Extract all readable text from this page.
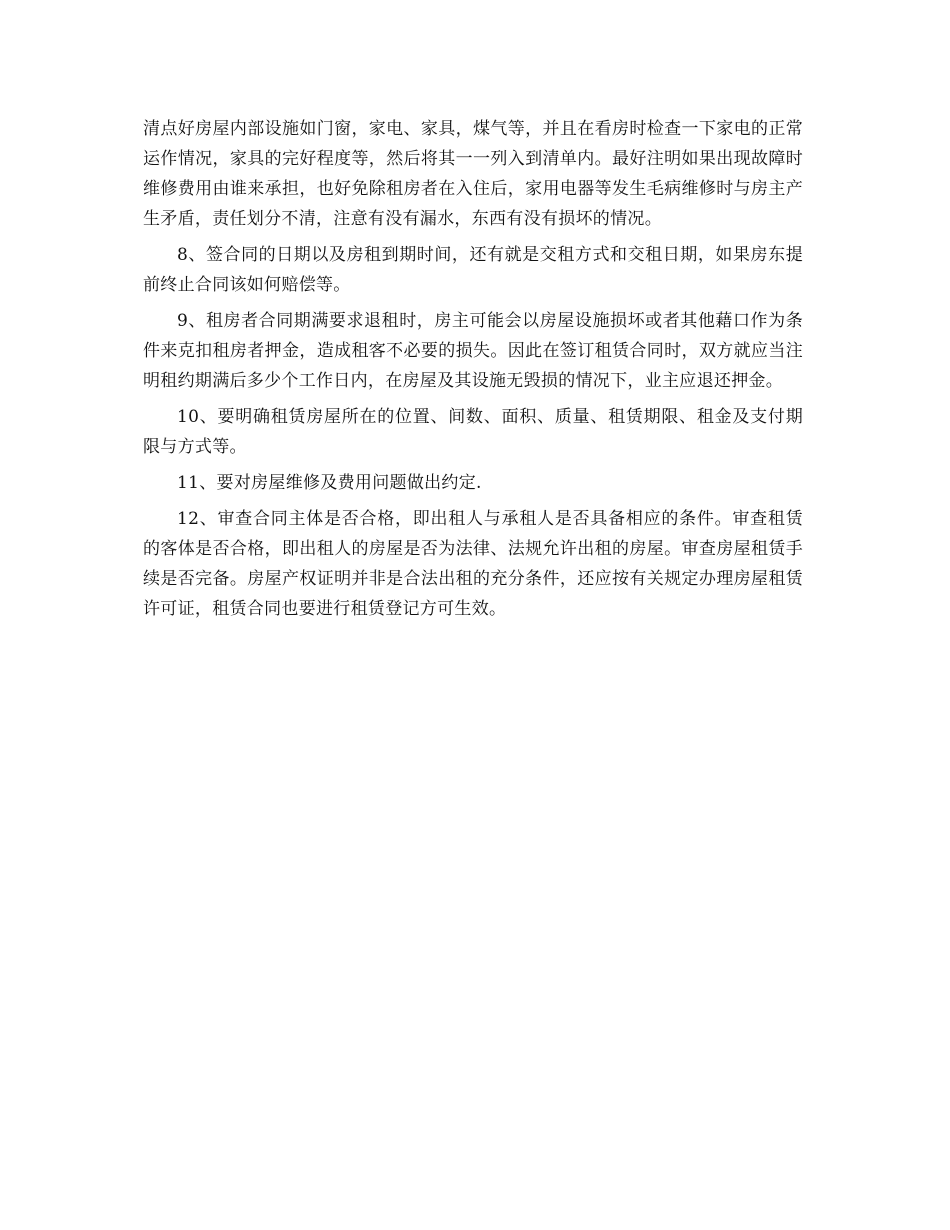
清点好房屋内部设施如门窗，家电、家具，煤气等，并且在看房时检查一下家电的正常运作情况，家具的完好程度等，然后将其一一列入到清单内。最好注明如果出现故障时维修费用由谁来承担，也好免除租房者在入住后，家用电器等发生毛病维修时与房主产生矛盾，责任划分不清，注意有没有漏水，东西有没有损坏的情况。

8、签合同的日期以及房租到期时间，还有就是交租方式和交租日期，如果房东提前终止合同该如何赔偿等。

9、租房者合同期满要求退租时，房主可能会以房屋设施损坏或者其他藉口作为条件来克扣租房者押金，造成租客不必要的损失。因此在签订租赁合同时，双方就应当注明租约期满后多少个工作日内，在房屋及其设施无毁损的情况下，业主应退还押金。

10、要明确租赁房屋所在的位置、间数、面积、质量、租赁期限、租金及支付期限与方式等。

11、要对房屋维修及费用问题做出约定.

12、审查合同主体是否合格，即出租人与承租人是否具备相应的条件。审查租赁的客体是否合格，即出租人的房屋是否为法律、法规允许出租的房屋。审查房屋租赁手续是否完备。房屋产权证明并非是合法出租的充分条件，还应按有关规定办理房屋租赁许可证，租赁合同也要进行租赁登记方可生效。
